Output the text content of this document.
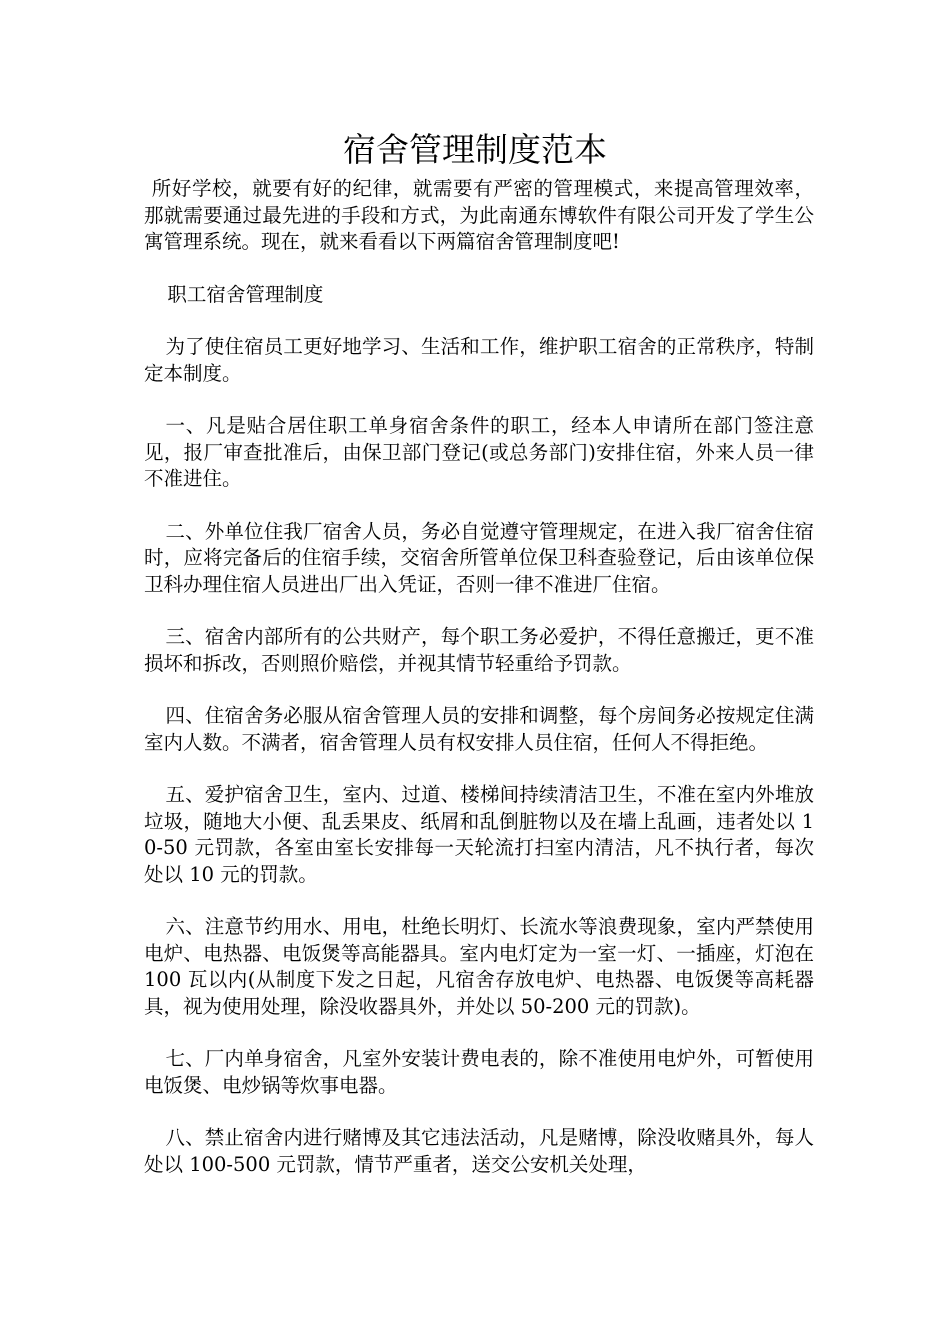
宿舍管理制度范本

所好学校，就要有好的纪律，就需要有严密的管理模式，来提高管理效率，那就需要通过最先进的手段和方式，为此南通东博软件有限公司开发了学生公寓管理系统。现在，就来看看以下两篇宿舍管理制度吧!

职工宿舍管理制度

为了使住宿员工更好地学习、生活和工作，维护职工宿舍的正常秩序，特制定本制度。

一、凡是贴合居住职工单身宿舍条件的职工，经本人申请所在部门签注意见，报厂审查批准后，由保卫部门登记(或总务部门)安排住宿，外来人员一律不准进住。

二、外单位住我厂宿舍人员，务必自觉遵守管理规定，在进入我厂宿舍住宿时，应将完备后的住宿手续，交宿舍所管单位保卫科查验登记，后由该单位保卫科办理住宿人员进出厂出入凭证，否则一律不准进厂住宿。

三、宿舍内部所有的公共财产，每个职工务必爱护，不得任意搬迁，更不准损坏和拆改，否则照价赔偿，并视其情节轻重给予罚款。

四、住宿舍务必服从宿舍管理人员的安排和调整，每个房间务必按规定住满室内人数。不满者，宿舍管理人员有权安排人员住宿，任何人不得拒绝。

五、爱护宿舍卫生，室内、过道、楼梯间持续清洁卫生，不准在室内外堆放垃圾，随地大小便、乱丢果皮、纸屑和乱倒脏物以及在墙上乱画，违者处以 10-50 元罚款，各室由室长安排每一天轮流打扫室内清洁，凡不执行者，每次处以 10 元的罚款。

六、注意节约用水、用电，杜绝长明灯、长流水等浪费现象，室内严禁使用电炉、电热器、电饭煲等高能器具。室内电灯定为一室一灯、一插座，灯泡在 100 瓦以内(从制度下发之日起，凡宿舍存放电炉、电热器、电饭煲等高耗器具，视为使用处理，除没收器具外，并处以 50-200 元的罚款)。

七、厂内单身宿舍，凡室外安装计费电表的，除不准使用电炉外，可暂使用电饭煲、电炒锅等炊事电器。

八、禁止宿舍内进行赌博及其它违法活动，凡是赌博，除没收赌具外，每人处以 100-500 元罚款，情节严重者，送交公安机关处理，
